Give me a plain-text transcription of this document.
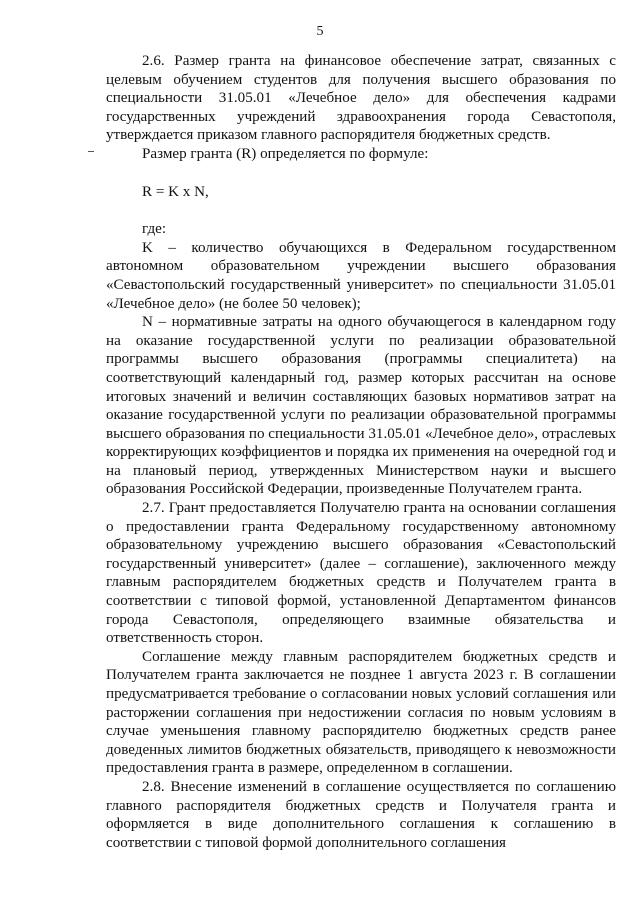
5

2.6. Размер гранта на финансовое обеспечение затрат, связанных с целевым обучением студентов для получения высшего образования по специальности 31.05.01 «Лечебное дело» для обеспечения кадрами государственных учреждений здравоохранения города Севастополя, утверждается приказом главного распорядителя бюджетных средств.

Размер гранта (R) определяется по формуле:

R = K x N,

где:

K – количество обучающихся в Федеральном государственном автономном образовательном учреждении высшего образования «Севастопольский государственный университет» по специальности 31.05.01 «Лечебное дело» (не более 50 человек);

N – нормативные затраты на одного обучающегося в календарном году на оказание государственной услуги по реализации образовательной программы высшего образования (программы специалитета) на соответствующий календарный год, размер которых рассчитан на основе итоговых значений и величин составляющих базовых нормативов затрат на оказание государственной услуги по реализации образовательной программы высшего образования по специальности 31.05.01 «Лечебное дело», отраслевых корректирующих коэффициентов и порядка их применения на очередной год и на плановый период, утвержденных Министерством науки и высшего образования Российской Федерации, произведенные Получателем гранта.

2.7. Грант предоставляется Получателю гранта на основании соглашения о предоставлении гранта Федеральному государственному автономному образовательному учреждению высшего образования «Севастопольский государственный университет» (далее – соглашение), заключенного между главным распорядителем бюджетных средств и Получателем гранта в соответствии с типовой формой, установленной Департаментом финансов города Севастополя, определяющего взаимные обязательства и ответственность сторон.

Соглашение между главным распорядителем бюджетных средств и Получателем гранта заключается не позднее 1 августа 2023 г. В соглашении предусматривается требование о согласовании новых условий соглашения или расторжении соглашения при недостижении согласия по новым условиям в случае уменьшения главному распорядителю бюджетных средств ранее доведенных лимитов бюджетных обязательств, приводящего к невозможности предоставления гранта в размере, определенном в соглашении.

2.8. Внесение изменений в соглашение осуществляется по соглашению главного распорядителя бюджетных средств и Получателя гранта и оформляется в виде дополнительного соглашения к соглашению в соответствии с типовой формой дополнительного соглашения
